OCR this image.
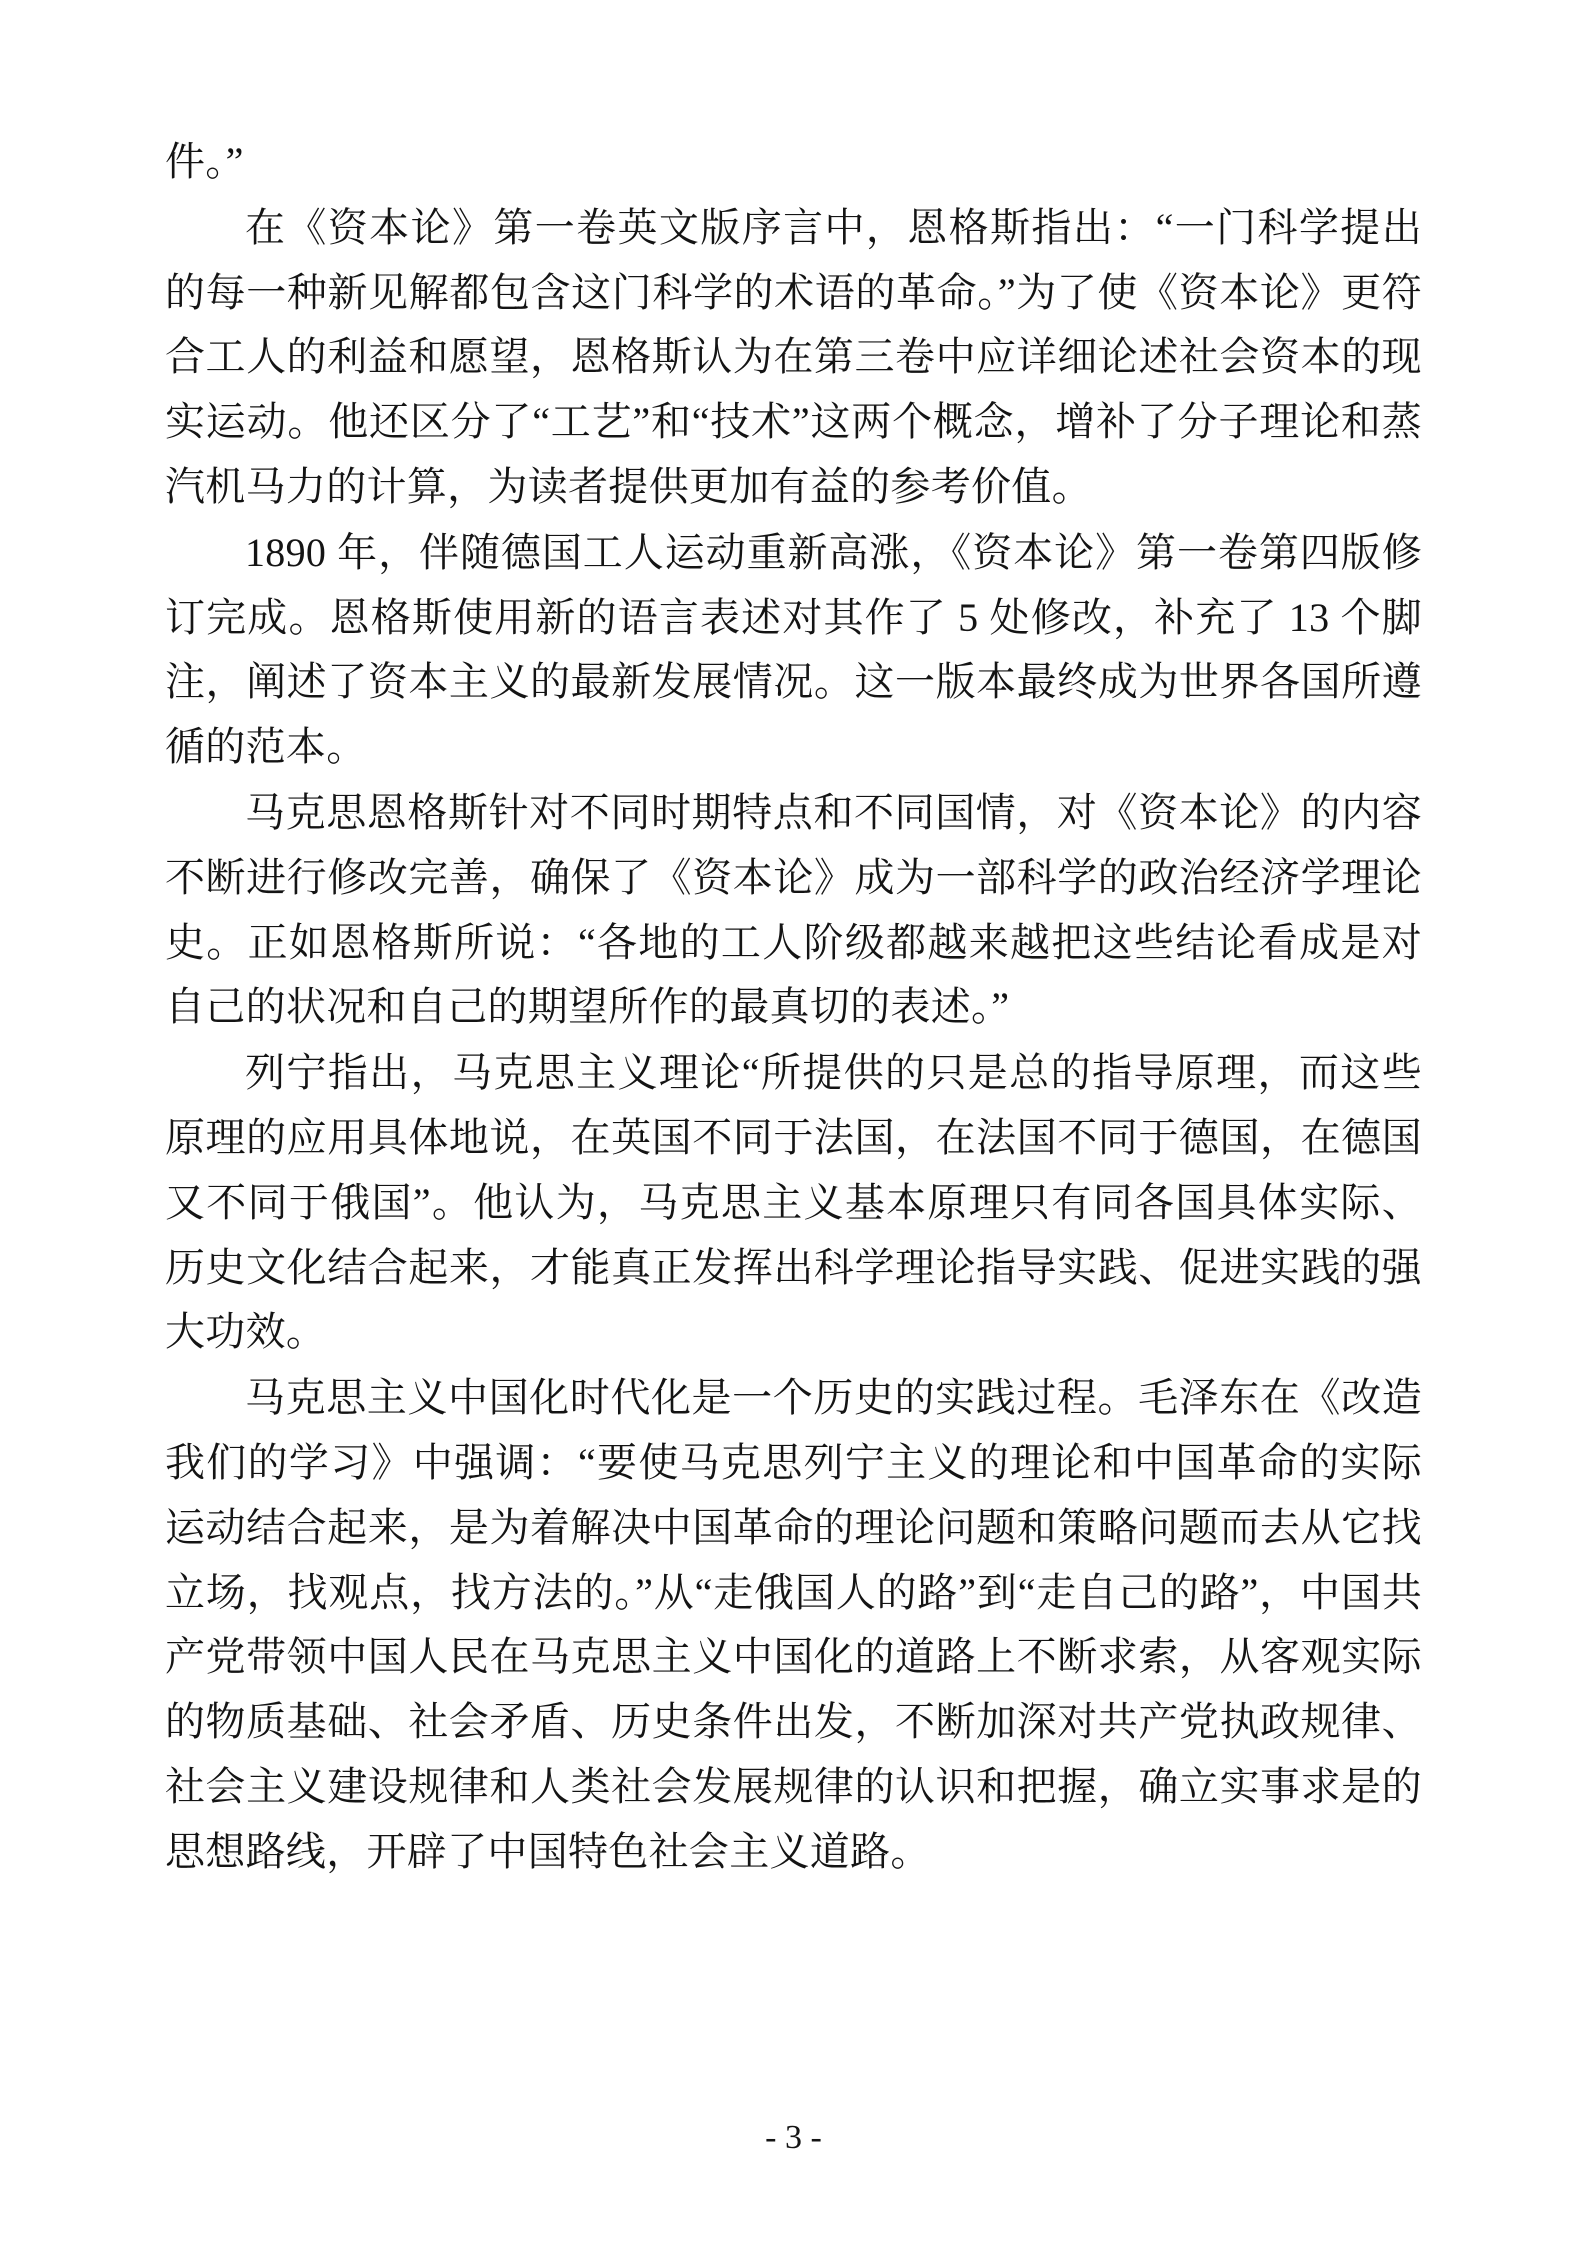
件。”

在《资本论》第一卷英文版序言中，恩格斯指出：“一门科学提出的每一种新见解都包含这门科学的术语的革命。”为了使《资本论》更符合工人的利益和愿望，恩格斯认为在第三卷中应详细论述社会资本的现实运动。他还区分了“工艺”和“技术”这两个概念，增补了分子理论和蒸汽机马力的计算，为读者提供更加有益的参考价值。

1890 年，伴随德国工人运动重新高涨，《资本论》第一卷第四版修订完成。恩格斯使用新的语言表述对其作了 5 处修改，补充了 13 个脚注，阐述了资本主义的最新发展情况。这一版本最终成为世界各国所遵循的范本。

马克思恩格斯针对不同时期特点和不同国情，对《资本论》的内容不断进行修改完善，确保了《资本论》成为一部科学的政治经济学理论史。正如恩格斯所说：“各地的工人阶级都越来越把这些结论看成是对自己的状况和自己的期望所作的最真切的表述。”

列宁指出，马克思主义理论“所提供的只是总的指导原理，而这些原理的应用具体地说，在英国不同于法国，在法国不同于德国，在德国又不同于俄国”。他认为，马克思主义基本原理只有同各国具体实际、历史文化结合起来，才能真正发挥出科学理论指导实践、促进实践的强大功效。

马克思主义中国化时代化是一个历史的实践过程。毛泽东在《改造我们的学习》中强调：“要使马克思列宁主义的理论和中国革命的实际运动结合起来，是为着解决中国革命的理论问题和策略问题而去从它找立场，找观点，找方法的。”从“走俄国人的路”到“走自己的路”，中国共产党带领中国人民在马克思主义中国化的道路上不断求索，从客观实际的物质基础、社会矛盾、历史条件出发，不断加深对共产党执政规律、社会主义建设规律和人类社会发展规律的认识和把握，确立实事求是的思想路线，开辟了中国特色社会主义道路。

- 3 -
